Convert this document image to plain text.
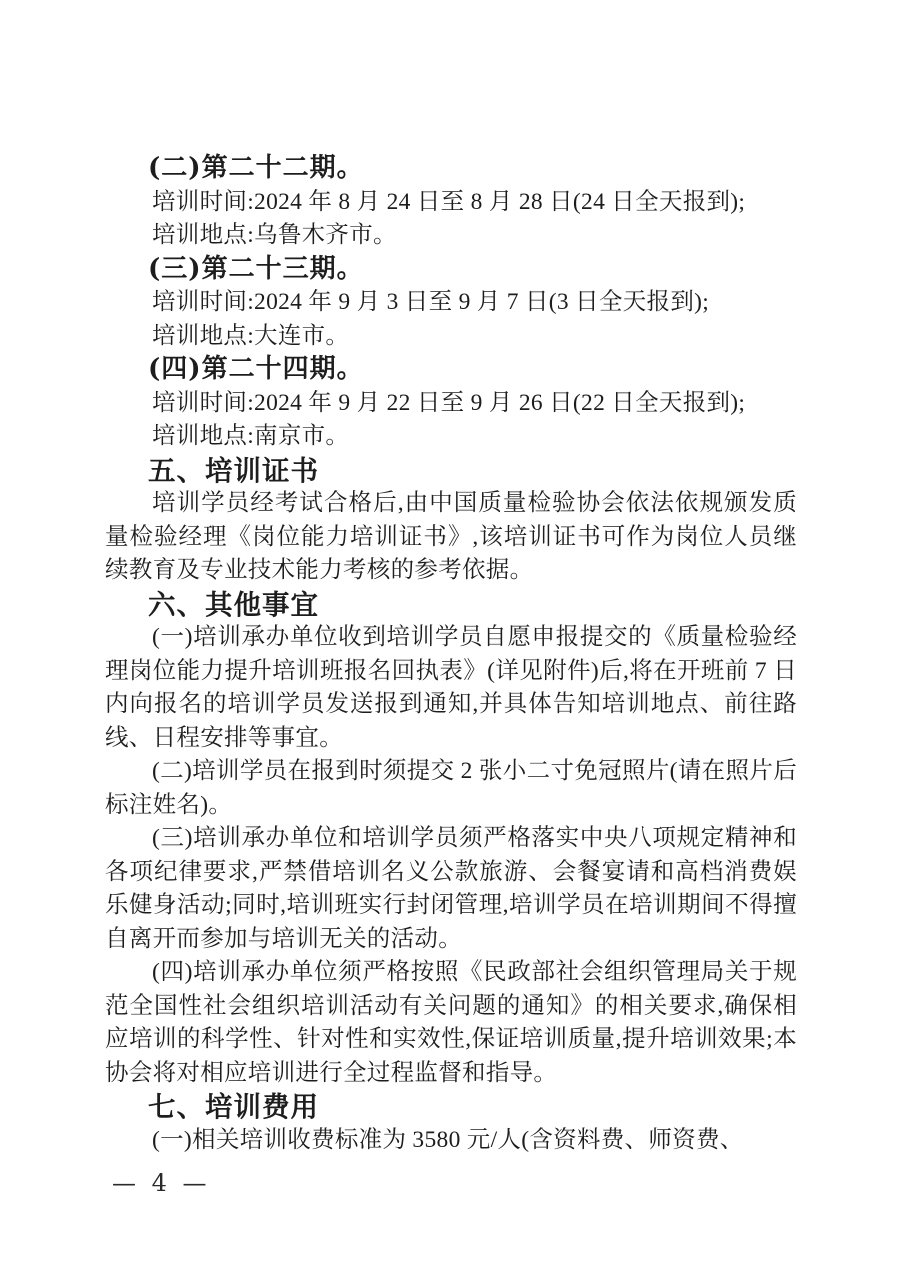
(二)第二十二期。

培训时间:2024 年 8 月 24 日至 8 月 28 日(24 日全天报到);

培训地点:乌鲁木齐市。

(三)第二十三期。

培训时间:2024 年 9 月 3 日至 9 月 7 日(3 日全天报到);

培训地点:大连市。

(四)第二十四期。

培训时间:2024 年 9 月 22 日至 9 月 26 日(22 日全天报到);

培训地点:南京市。

五、培训证书

培训学员经考试合格后,由中国质量检验协会依法依规颁发质量检验经理《岗位能力培训证书》,该培训证书可作为岗位人员继续教育及专业技术能力考核的参考依据。

六、其他事宜

(一)培训承办单位收到培训学员自愿申报提交的《质量检验经理岗位能力提升培训班报名回执表》(详见附件)后,将在开班前 7 日内向报名的培训学员发送报到通知,并具体告知培训地点、前往路线、日程安排等事宜。

(二)培训学员在报到时须提交 2 张小二寸免冠照片(请在照片后标注姓名)。

(三)培训承办单位和培训学员须严格落实中央八项规定精神和各项纪律要求,严禁借培训名义公款旅游、会餐宴请和高档消费娱乐健身活动;同时,培训班实行封闭管理,培训学员在培训期间不得擅自离开而参加与培训无关的活动。

(四)培训承办单位须严格按照《民政部社会组织管理局关于规范全国性社会组织培训活动有关问题的通知》的相关要求,确保相应培训的科学性、针对性和实效性,保证培训质量,提升培训效果;本协会将对相应培训进行全过程监督和指导。

七、培训费用

(一)相关培训收费标准为 3580 元/人(含资料费、师资费、

— 4 —
